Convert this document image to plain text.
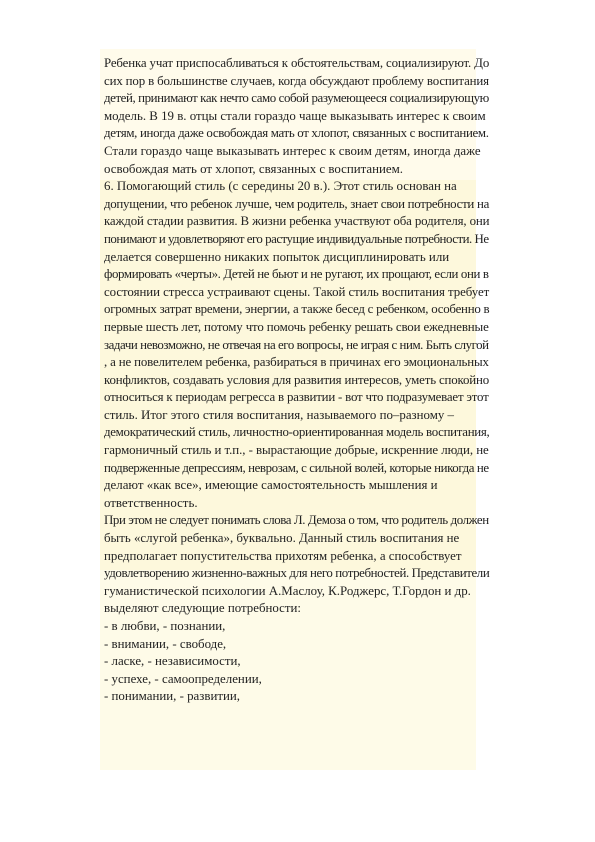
Ребенка учат приспосабливаться к обстоятельствам, социализируют. До
сих пор в большинстве случаев, когда обсуждают проблему воспитания
детей, принимают как нечто само собой разумеющееся социализирующую
модель. В 19 в. отцы стали гораздо чаще выказывать интерес к своим
детям, иногда даже освобождая мать от хлопот, связанных с воспитанием.
Стали гораздо чаще выказывать интерес к своим детям, иногда даже
освобождая мать от хлопот, связанных с воспитанием.
6. Помогающий стиль (с середины 20 в.). Этот стиль основан на
допущении, что ребенок лучше, чем родитель, знает свои потребности на
каждой стадии развития. В жизни ребенка участвуют оба родителя, они
понимают и удовлетворяют его растущие индивидуальные потребности. Не
делается совершенно никаких попыток дисциплинировать или
формировать «черты». Детей не бьют и не ругают, их прощают, если они в
состоянии стресса устраивают сцены. Такой стиль воспитания требует
огромных затрат времени, энергии, а также бесед с ребенком, особенно в
первые шесть лет, потому что помочь ребенку решать свои ежедневные
задачи невозможно, не отвечая на его вопросы, не играя с ним. Быть слугой
, а не повелителем ребенка, разбираться в причинах его эмоциональных
конфликтов, создавать условия для развития интересов, уметь спокойно
относиться к периодам регресса в развитии - вот что подразумевает этот
стиль. Итог этого стиля воспитания, называемого по–разному –
демократический стиль, личностно-ориентированная модель воспитания,
гармоничный стиль и т.п., - вырастающие добрые, искренние люди, не
подверженные депрессиям, неврозам, с сильной волей, которые никогда не
делают «как все», имеющие самостоятельность мышления и
ответственность.
При этом не следует понимать слова Л. Демоза о том, что родитель должен
быть «слугой ребенка», буквально. Данный стиль воспитания не
предполагает попустительства прихотям ребенка, а способствует
удовлетворению жизненно-важных для него потребностей. Представители
гуманистической психологии А.Маслоу, К.Роджерс, Т.Гордон и др.
выделяют следующие потребности:
- в любви, - познании,
- внимании, - свободе,
- ласке, - независимости,
- успехе, - самоопределении,
- понимании, - развитии,
